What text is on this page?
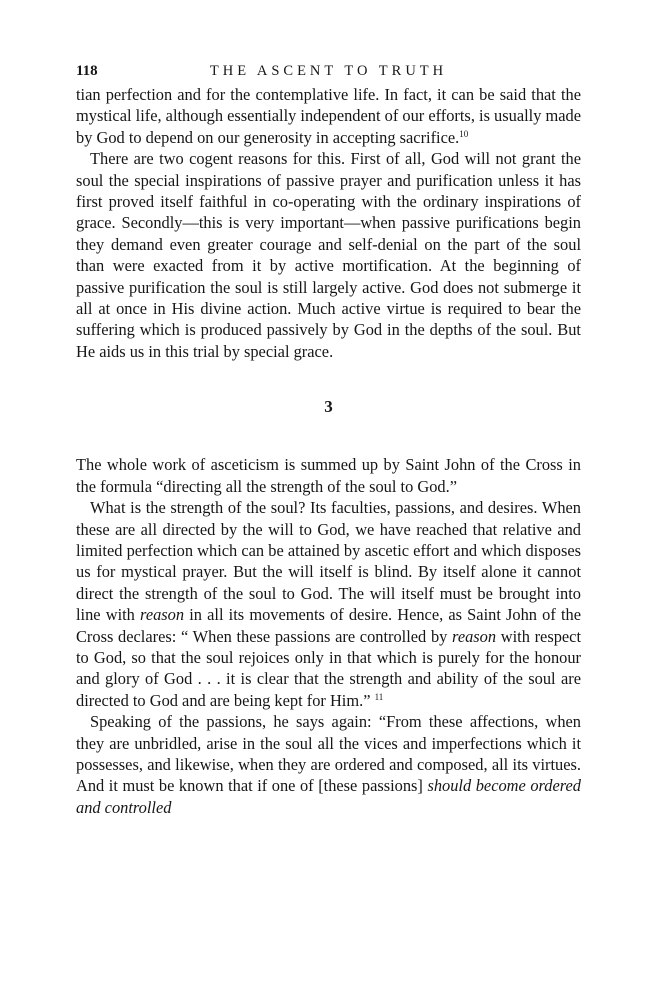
118	THE ASCENT TO TRUTH

tian perfection and for the contemplative life. In fact, it can be said that the mystical life, although essentially independent of our efforts, is usually made by God to depend on our generosity in accepting sacrifice.$^{10}$

There are two cogent reasons for this. First of all, God will not grant the soul the special inspirations of passive prayer and purification unless it has first proved itself faithful in co-operating with the ordinary inspirations of grace. Secondly—this is very important—when passive purifications begin they demand even greater courage and self-denial on the part of the soul than were exacted from it by active mortification. At the beginning of passive purification the soul is still largely active. God does not submerge it all at once in His divine action. Much active virtue is required to bear the suffering which is produced passively by God in the depths of the soul. But He aids us in this trial by special grace.

3

The whole work of asceticism is summed up by Saint John of the Cross in the formula “directing all the strength of the soul to God.”

What is the strength of the soul? Its faculties, passions, and desires. When these are all directed by the will to God, we have reached that relative and limited perfection which can be attained by ascetic effort and which disposes us for mystical prayer. But the will itself is blind. By itself alone it cannot direct the strength of the soul to God. The will itself must be brought into line with reason in all its movements of desire. Hence, as Saint John of the Cross declares: “ When these passions are controlled by reason with respect to God, so that the soul rejoices only in that which is purely for the honour and glory of God . . . it is clear that the strength and ability of the soul are directed to God and are being kept for Him.” $^{11}$

Speaking of the passions, he says again: “From these affections, when they are unbridled, arise in the soul all the vices and imperfections which it possesses, and likewise, when they are ordered and composed, all its virtues. And it must be known that if one of [these passions] should become ordered and controlled
